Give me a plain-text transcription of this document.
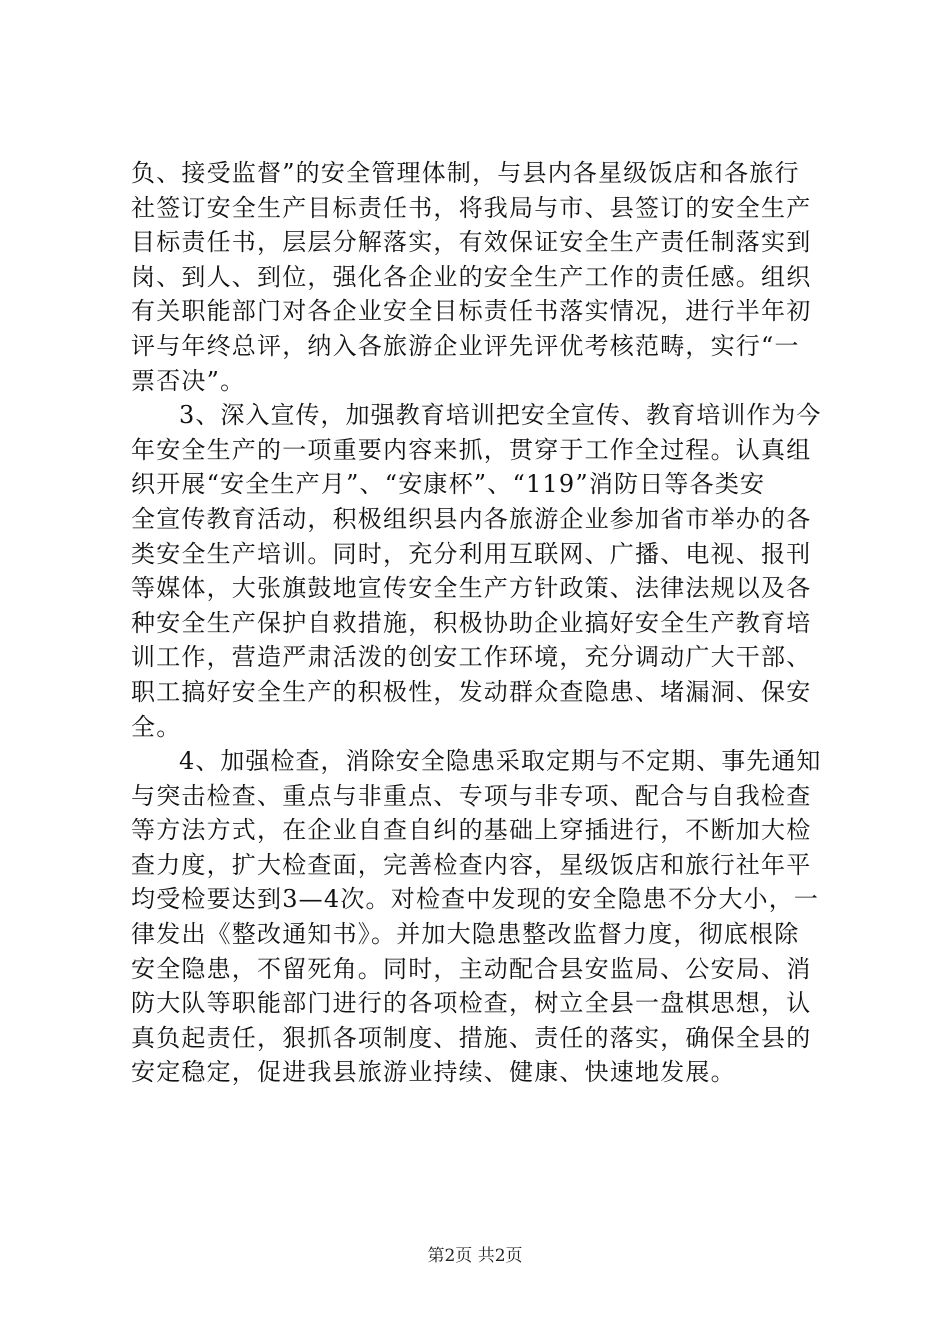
负、接受监督”的安全管理体制，与县内各星级饭店和各旅行
社签订安全生产目标责任书，将我局与市、县签订的安全生产
目标责任书，层层分解落实，有效保证安全生产责任制落实到
岗、到人、到位，强化各企业的安全生产工作的责任感。组织
有关职能部门对各企业安全目标责任书落实情况，进行半年初
评与年终总评，纳入各旅游企业评先评优考核范畴，实行“一
票否决”。
3、深入宣传，加强教育培训把安全宣传、教育培训作为今
年安全生产的一项重要内容来抓，贯穿于工作全过程。认真组
织开展“安全生产月”、“安康杯”、“119”消防日等各类安
全宣传教育活动，积极组织县内各旅游企业参加省市举办的各
类安全生产培训。同时，充分利用互联网、广播、电视、报刊
等媒体，大张旗鼓地宣传安全生产方针政策、法律法规以及各
种安全生产保护自救措施，积极协助企业搞好安全生产教育培
训工作，营造严肃活泼的创安工作环境，充分调动广大干部、
职工搞好安全生产的积极性，发动群众查隐患、堵漏洞、保安
全。
4、加强检查，消除安全隐患采取定期与不定期、事先通知
与突击检查、重点与非重点、专项与非专项、配合与自我检查
等方法方式，在企业自查自纠的基础上穿插进行，不断加大检
查力度，扩大检查面，完善检查内容，星级饭店和旅行社年平
均受检要达到3—4次。对检查中发现的安全隐患不分大小，一
律发出《整改通知书》。并加大隐患整改监督力度，彻底根除
安全隐患，不留死角。同时，主动配合县安监局、公安局、消
防大队等职能部门进行的各项检查，树立全县一盘棋思想，认
真负起责任，狠抓各项制度、措施、责任的落实，确保全县的
安定稳定，促进我县旅游业持续、健康、快速地发展。
第2页 共2页
